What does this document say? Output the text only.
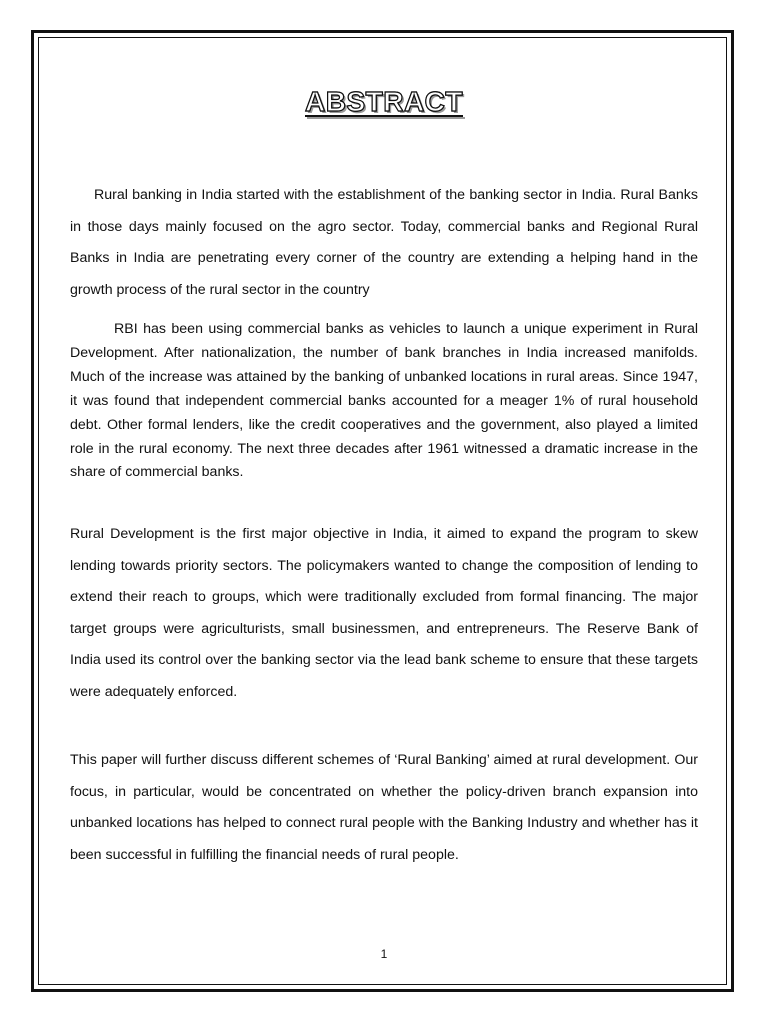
ABSTRACT

Rural banking in India started with the establishment of the banking sector in India. Rural Banks in those days mainly focused on the agro sector. Today, commercial banks and Regional Rural Banks in India are penetrating every corner of the country are extending a helping hand in the growth process of the rural sector in the country

RBI has been using commercial banks as vehicles to launch a unique experiment in Rural Development. After nationalization, the number of bank branches in India increased manifolds. Much of the increase was attained by the banking of unbanked locations in rural areas. Since 1947, it was found that independent commercial banks accounted for a meager 1% of rural household debt. Other formal lenders, like the credit cooperatives and the government, also played a limited role in the rural economy. The next three decades after 1961 witnessed a dramatic increase in the share of commercial banks.

Rural Development is the first major objective in India, it aimed to expand the program to skew lending towards priority sectors. The policymakers wanted to change the composition of lending to extend their reach to groups, which were traditionally excluded from formal financing. The major target groups were agriculturists, small businessmen, and entrepreneurs. The Reserve Bank of India used its control over the banking sector via the lead bank scheme to ensure that these targets were adequately enforced.

This paper will further discuss different schemes of ‘Rural Banking’ aimed at rural development. Our focus, in particular, would be concentrated on whether the policy-driven branch expansion into unbanked locations has helped to connect rural people with the Banking Industry and whether has it been successful in fulfilling the financial needs of rural people.

1
